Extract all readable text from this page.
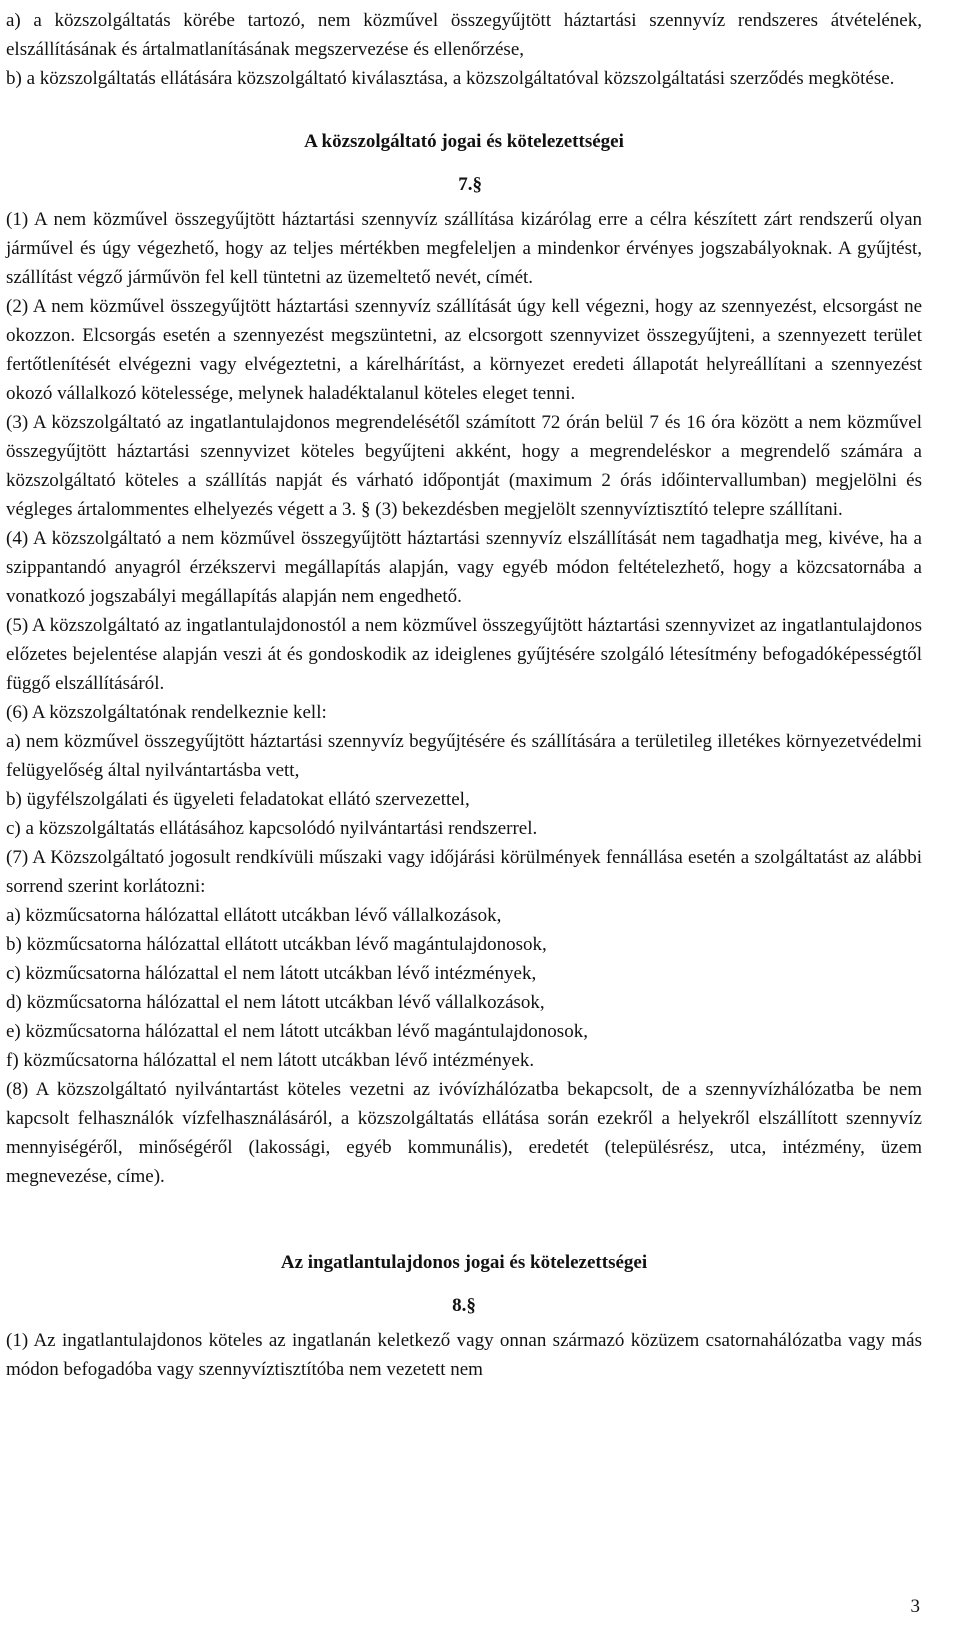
a) a közszolgáltatás körébe tartozó, nem közművel összegyűjtött háztartási szennyvíz rendszeres átvételének, elszállításának és ártalmatlanításának megszervezése és ellenőrzése,

b) a közszolgáltatás ellátására közszolgáltató kiválasztása, a közszolgáltatóval közszolgáltatási szerződés megkötése.

A közszolgáltató jogai és kötelezettségei

7.§

(1) A nem közművel összegyűjtött háztartási szennyvíz szállítása kizárólag erre a célra készített zárt rendszerű olyan járművel és úgy végezhető, hogy az teljes mértékben megfeleljen a mindenkor érvényes jogszabályoknak. A gyűjtést, szállítást végző járművön fel kell tüntetni az üzemeltető nevét, címét.

(2) A nem közművel összegyűjtött háztartási szennyvíz szállítását úgy kell végezni, hogy az szennyezést, elcsorgást ne okozzon. Elcsorgás esetén a szennyezést megszüntetni, az elcsorgott szennyvizet összegyűjteni, a szennyezett terület fertőtlenítését elvégezni vagy elvégeztetni, a kárelhárítást, a környezet eredeti állapotát helyreállítani a szennyezést okozó vállalkozó kötelessége, melynek haladéktalanul köteles eleget tenni.

(3) A közszolgáltató az ingatlantulajdonos megrendelésétől számított 72 órán belül 7 és 16 óra között a nem közművel összegyűjtött háztartási szennyvizet köteles begyűjteni akként, hogy a megrendeléskor a megrendelő számára a közszolgáltató köteles a szállítás napját és várható időpontját (maximum 2 órás időintervallumban) megjelölni és végleges ártalommentes elhelyezés végett a 3. § (3) bekezdésben megjelölt szennyvíztisztító telepre szállítani.

(4) A közszolgáltató a nem közművel összegyűjtött háztartási szennyvíz elszállítását nem tagadhatja meg, kivéve, ha a szippantandó anyagról érzékszervi megállapítás alapján, vagy egyéb módon feltételezhető, hogy a közcsatornába a vonatkozó jogszabályi megállapítás alapján nem engedhető.

(5) A közszolgáltató az ingatlantulajdonostól a nem közművel összegyűjtött háztartási szennyvizet az ingatlantulajdonos előzetes bejelentése alapján veszi át és gondoskodik az ideiglenes gyűjtésére szolgáló létesítmény befogadóképességtől függő elszállításáról.

(6) A közszolgáltatónak rendelkeznie kell:

a) nem közművel összegyűjtött háztartási szennyvíz begyűjtésére és szállítására a területileg illetékes környezetvédelmi felügyelőség által nyilvántartásba vett,

b) ügyfélszolgálati és ügyeleti feladatokat ellátó szervezettel,

c) a közszolgáltatás ellátásához kapcsolódó nyilvántartási rendszerrel.

(7) A Közszolgáltató jogosult rendkívüli műszaki vagy időjárási körülmények fennállása esetén a szolgáltatást az alábbi sorrend szerint korlátozni:

a) közműcsatorna hálózattal ellátott utcákban lévő vállalkozások,

b) közműcsatorna hálózattal ellátott utcákban lévő magántulajdonosok,

c) közműcsatorna hálózattal el nem látott utcákban lévő intézmények,

d) közműcsatorna hálózattal el nem látott utcákban lévő vállalkozások,

e) közműcsatorna hálózattal el nem látott utcákban lévő magántulajdonosok,

f) közműcsatorna hálózattal el nem látott utcákban lévő intézmények.

(8) A közszolgáltató nyilvántartást köteles vezetni az ivóvízhálózatba bekapcsolt, de a szennyvízhálózatba be nem kapcsolt felhasználók vízfelhasználásáról, a közszolgáltatás ellátása során ezekről a helyekről elszállított szennyvíz mennyiségéről, minőségéről (lakossági, egyéb kommunális), eredetét (településrész, utca, intézmény, üzem megnevezése, címe).

Az ingatlantulajdonos jogai és kötelezettségei

8.§

(1) Az ingatlantulajdonos köteles az ingatlanán keletkező vagy onnan származó közüzem csatornahálózatba vagy más módon befogadóba vagy szennyvíztisztítóba nem vezetett nem

3
